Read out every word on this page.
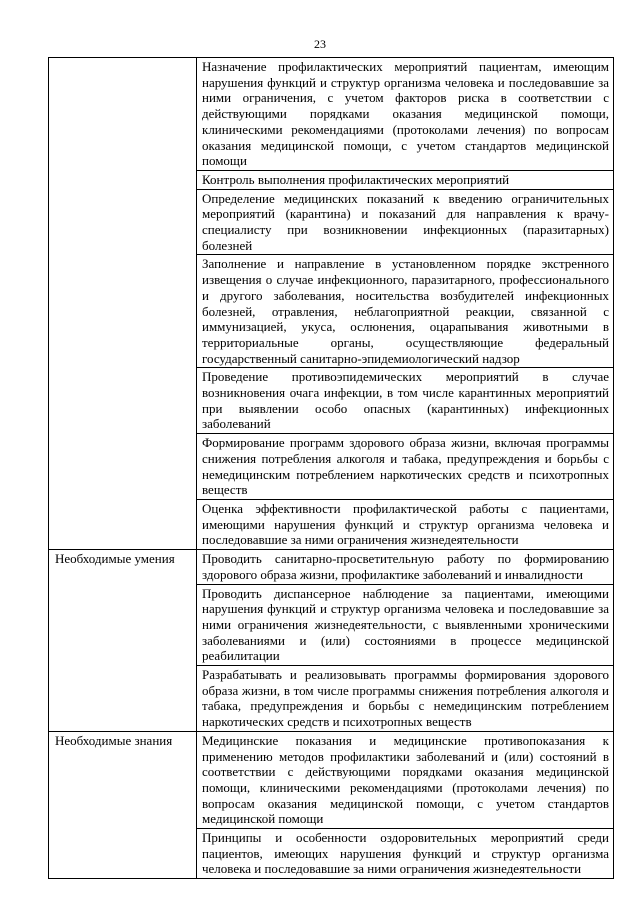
23
	Назначение профилактических мероприятий пациентам, имеющим нарушения функций и структур организма человека и последовавшие за ними ограничения, с учетом факторов риска в соответствии с действующими порядками оказания медицинской помощи, клиническими рекомендациями (протоколами лечения) по вопросам оказания медицинской помощи, с учетом стандартов медицинской помощи
	Контроль выполнения профилактических мероприятий
	Определение медицинских показаний к введению ограничительных мероприятий (карантина) и показаний для направления к врачу-специалисту при возникновении инфекционных (паразитарных) болезней
	Заполнение и направление в установленном порядке экстренного извещения о случае инфекционного, паразитарного, профессионального и другого заболевания, носительства возбудителей инфекционных болезней, отравления, неблагоприятной реакции, связанной с иммунизацией, укуса, ослюнения, оцарапывания животными в территориальные органы, осуществляющие федеральный государственный санитарно-эпидемиологический надзор
	Проведение противоэпидемических мероприятий в случае возникновения очага инфекции, в том числе карантинных мероприятий при выявлении особо опасных (карантинных) инфекционных заболеваний
	Формирование программ здорового образа жизни, включая программы снижения потребления алкоголя и табака, предупреждения и борьбы с немедицинским потреблением наркотических средств и психотропных веществ
	Оценка эффективности профилактической работы с пациентами, имеющими нарушения функций и структур организма человека и последовавшие за ними ограничения жизнедеятельности
Необходимые умения	Проводить санитарно-просветительную работу по формированию здорового образа жизни, профилактике заболеваний и инвалидности
	Проводить диспансерное наблюдение за пациентами, имеющими нарушения функций и структур организма человека и последовавшие за ними ограничения жизнедеятельности, с выявленными хроническими заболеваниями и (или) состояниями в процессе медицинской реабилитации
	Разрабатывать и реализовывать программы формирования здорового образа жизни, в том числе программы снижения потребления алкоголя и табака, предупреждения и борьбы с немедицинским потреблением наркотических средств и психотропных веществ
Необходимые знания	Медицинские показания и медицинские противопоказания к применению методов профилактики заболеваний и (или) состояний в соответствии с действующими порядками оказания медицинской помощи, клиническими рекомендациями (протоколами лечения) по вопросам оказания медицинской помощи, с учетом стандартов медицинской помощи
	Принципы и особенности оздоровительных мероприятий среди пациентов, имеющих нарушения функций и структур организма человека и последовавшие за ними ограничения жизнедеятельности
